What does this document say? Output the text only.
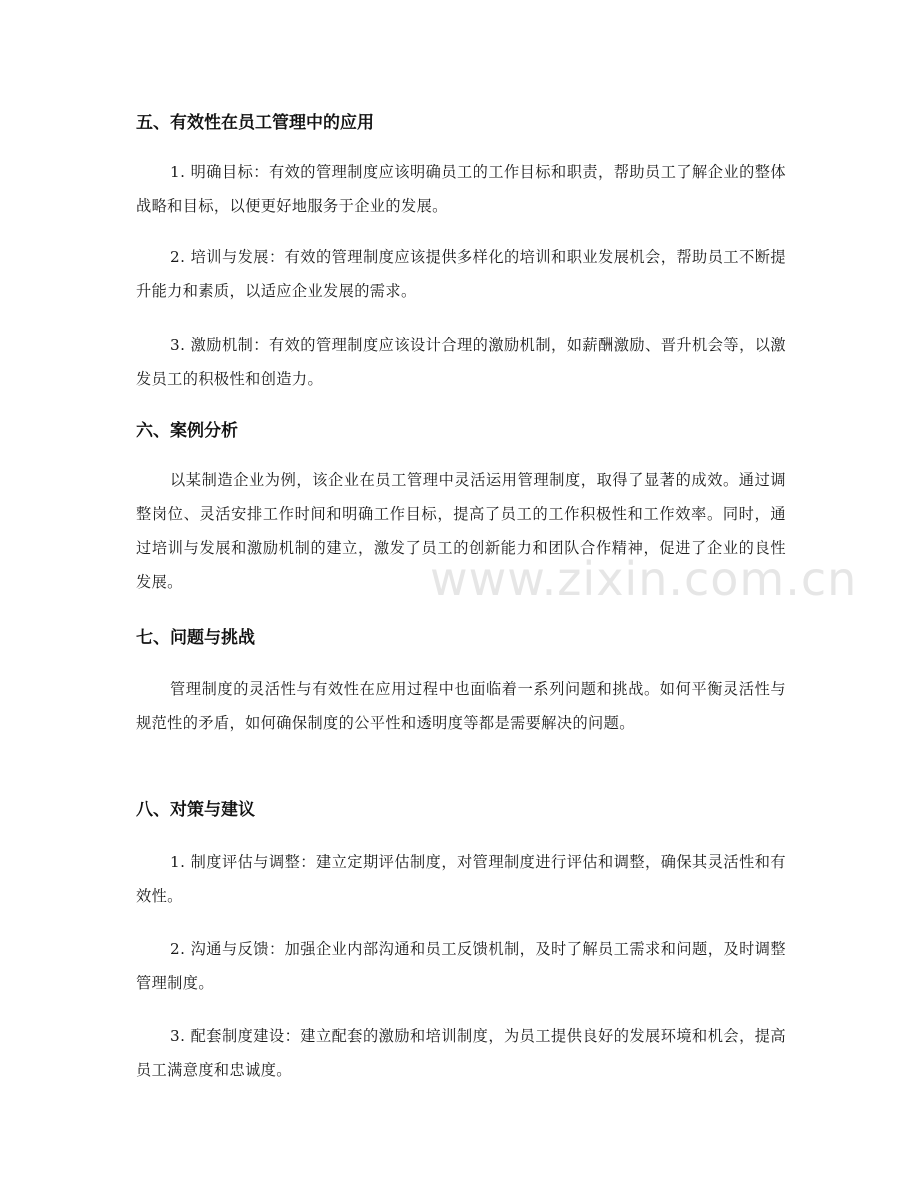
www.zixin.com.cn
五、有效性在员工管理中的应用

1. 明确目标：有效的管理制度应该明确员工的工作目标和职责，帮助员工了解企业的整体战略和目标，以便更好地服务于企业的发展。

2. 培训与发展：有效的管理制度应该提供多样化的培训和职业发展机会，帮助员工不断提升能力和素质，以适应企业发展的需求。

3. 激励机制：有效的管理制度应该设计合理的激励机制，如薪酬激励、晋升机会等，以激发员工的积极性和创造力。

六、案例分析

以某制造企业为例，该企业在员工管理中灵活运用管理制度，取得了显著的成效。通过调整岗位、灵活安排工作时间和明确工作目标，提高了员工的工作积极性和工作效率。同时，通过培训与发展和激励机制的建立，激发了员工的创新能力和团队合作精神，促进了企业的良性发展。

七、问题与挑战

管理制度的灵活性与有效性在应用过程中也面临着一系列问题和挑战。如何平衡灵活性与规范性的矛盾，如何确保制度的公平性和透明度等都是需要解决的问题。

八、对策与建议

1. 制度评估与调整：建立定期评估制度，对管理制度进行评估和调整，确保其灵活性和有效性。

2. 沟通与反馈：加强企业内部沟通和员工反馈机制，及时了解员工需求和问题，及时调整管理制度。

3. 配套制度建设：建立配套的激励和培训制度，为员工提供良好的发展环境和机会，提高员工满意度和忠诚度。
